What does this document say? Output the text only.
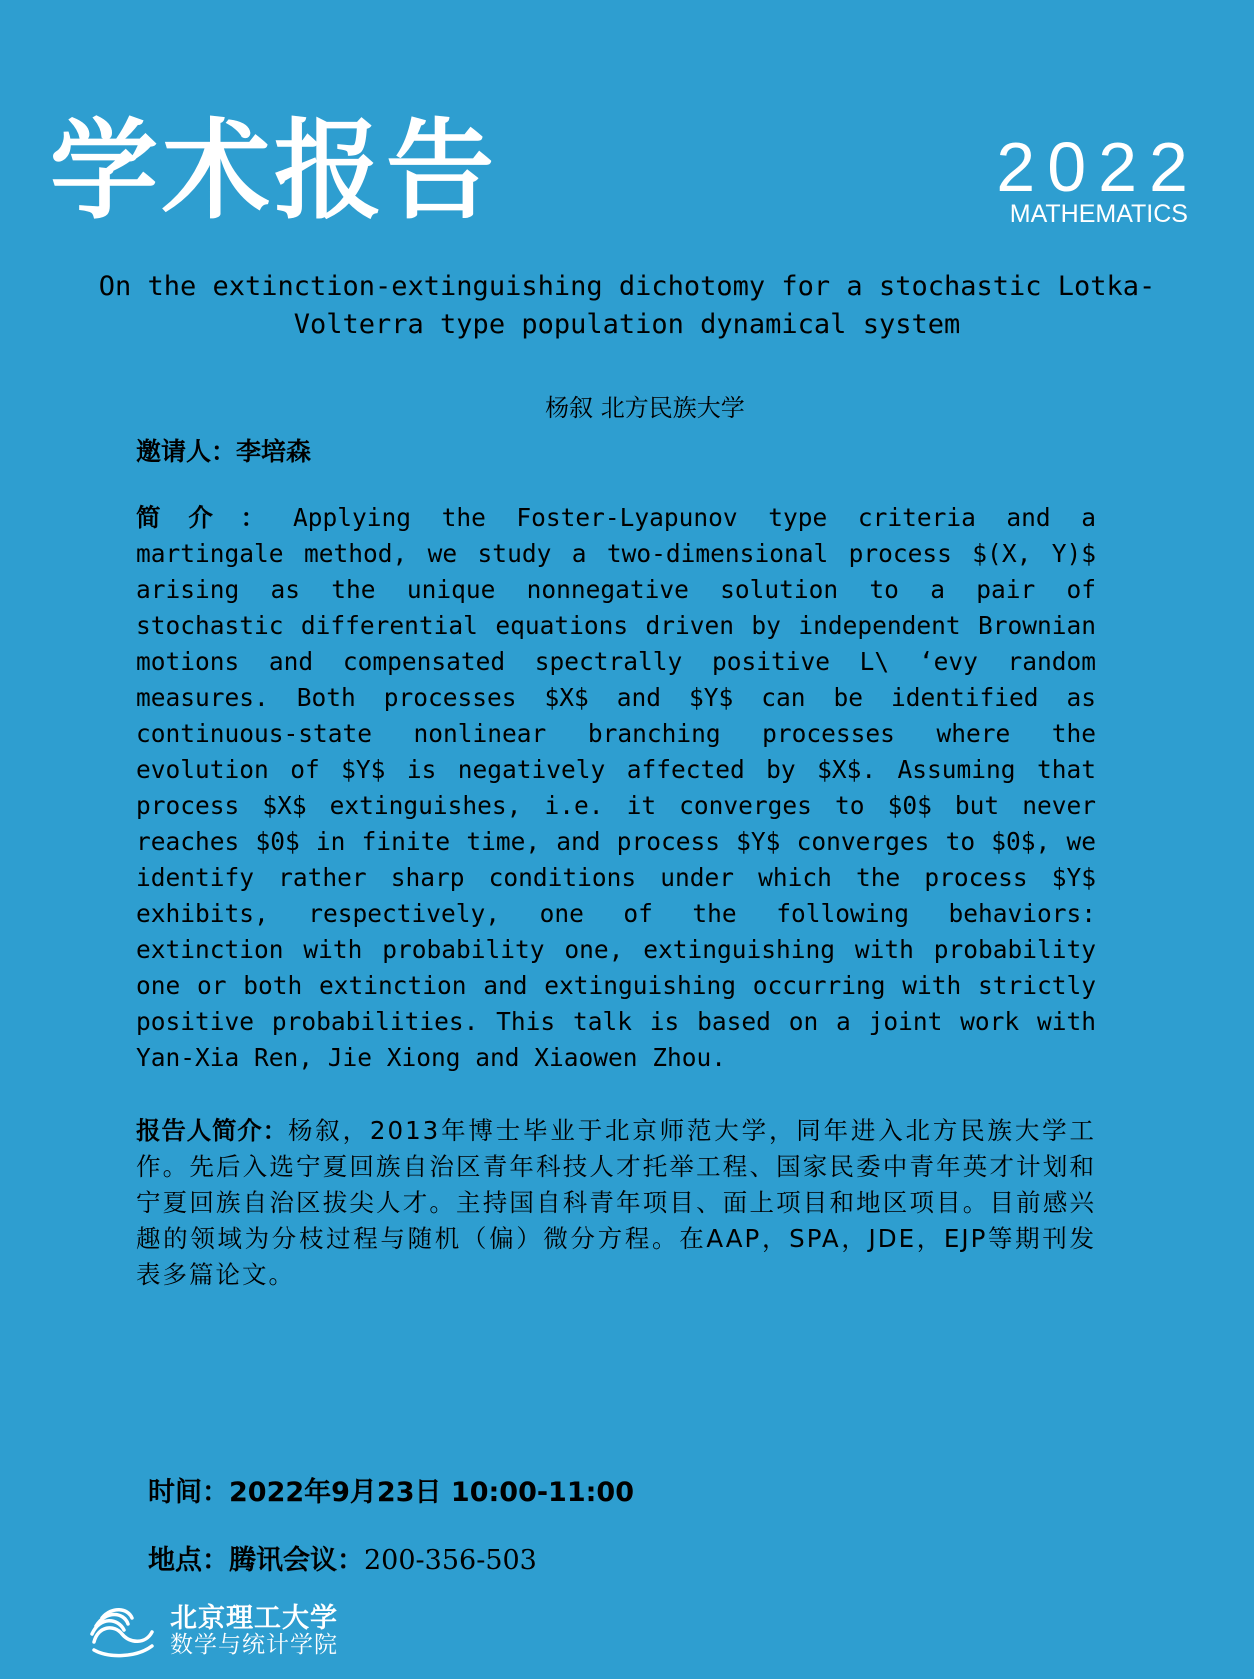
学术报告	2022
MATHEMATICS
On the extinction-extinguishing dichotomy for a stochastic Lotka-Volterra type population dynamical system
杨叙 北方民族大学
邀请人：李培森
简介：Applying the Foster-Lyapunov type criteria and a martingale method, we study a two-dimensional process $(X, Y)$ arising as the unique nonnegative solution to a pair of stochastic differential equations driven by independent Brownian motions and compensated spectrally positive L\ ‘evy random measures. Both processes $X$ and $Y$ can be identified as continuous-state nonlinear branching processes where the evolution of $Y$ is negatively affected by $X$. Assuming that process $X$ extinguishes, i.e. it converges to $0$ but never reaches $0$ in finite time, and process $Y$ converges to $0$, we identify rather sharp conditions under which the process $Y$ exhibits, respectively, one of the following behaviors: extinction with probability one, extinguishing with probability one or both extinction and extinguishing occurring with strictly positive probabilities. This talk is based on a joint work with Yan-Xia Ren, Jie Xiong and Xiaowen Zhou.
报告人简介：杨叙，2013年博士毕业于北京师范大学，同年进入北方民族大学工作。先后入选宁夏回族自治区青年科技人才托举工程、国家民委中青年英才计划和宁夏回族自治区拔尖人才。主持国自科青年项目、面上项目和地区项目。目前感兴趣的领域为分枝过程与随机（偏）微分方程。在AAP，SPA，JDE，EJP等期刊发表多篇论文。
时间：2022年9月23日 10:00-11:00
地点：腾讯会议：200-356-503
北京理工大学
数学与统计学院
